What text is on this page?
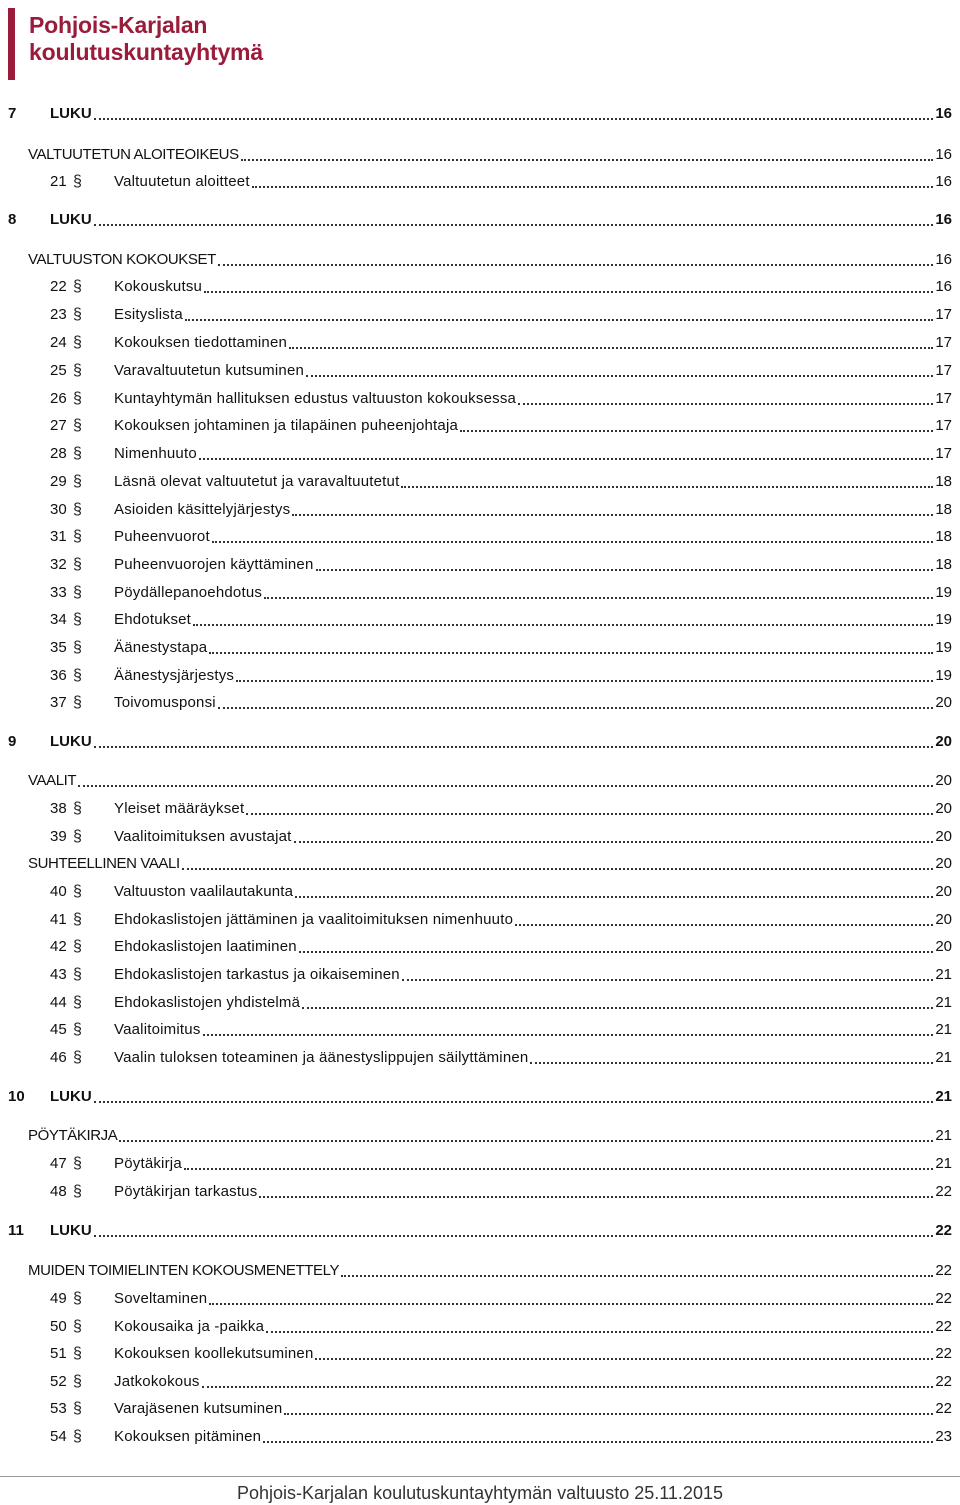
Pohjois-Karjalan
koulutuskuntayhtymä
7 LUKU	16
VALTUUTETUN ALOITEOIKEUS	16
21 § Valtuutetun aloitteet	16
8 LUKU	16
VALTUUSTON KOKOUKSET	16
22 § Kokouskutsu	16
23 § Esityslista	17
24 § Kokouksen tiedottaminen	17
25 § Varavaltuutetun kutsuminen	17
26 § Kuntayhtymän hallituksen edustus valtuuston kokouksessa	17
27 § Kokouksen johtaminen ja tilapäinen puheenjohtaja	17
28 § Nimenhuuto	17
29 § Läsnä olevat valtuutetut ja varavaltuutetut	18
30 § Asioiden käsittelyjärjestys	18
31 § Puheenvuorot	18
32 § Puheenvuorojen käyttäminen	18
33 § Pöydällepanoehdotus	19
34 § Ehdotukset	19
35 § Äänestystapa	19
36 § Äänestysjärjestys	19
37 § Toivomusponsi	20
9 LUKU	20
VAALIT	20
38 § Yleiset määräykset	20
39 § Vaalitoimituksen avustajat	20
SUHTEELLINEN VAALI	20
40 § Valtuuston vaalilautakunta	20
41 § Ehdokaslistojen jättäminen ja vaalitoimituksen nimenhuuto	20
42 § Ehdokaslistojen laatiminen	20
43 § Ehdokaslistojen tarkastus ja oikaiseminen	21
44 § Ehdokaslistojen yhdistelmä	21
45 § Vaalitoimitus	21
46 § Vaalin tuloksen toteaminen ja äänestyslippujen säilyttäminen	21
10 LUKU	21
PÖYTÄKIRJA	21
47 § Pöytäkirja	21
48 § Pöytäkirjan tarkastus	22
11 LUKU	22
MUIDEN TOIMIELINTEN KOKOUSMENETTELY	22
49 § Soveltaminen	22
50 § Kokousaika ja -paikka	22
51 § Kokouksen koollekutsuminen	22
52 § Jatkokokous	22
53 § Varajäsenen kutsuminen	22
54 § Kokouksen pitäminen	23
Pohjois-Karjalan koulutuskuntayhtymän valtuusto 25.11.2015
